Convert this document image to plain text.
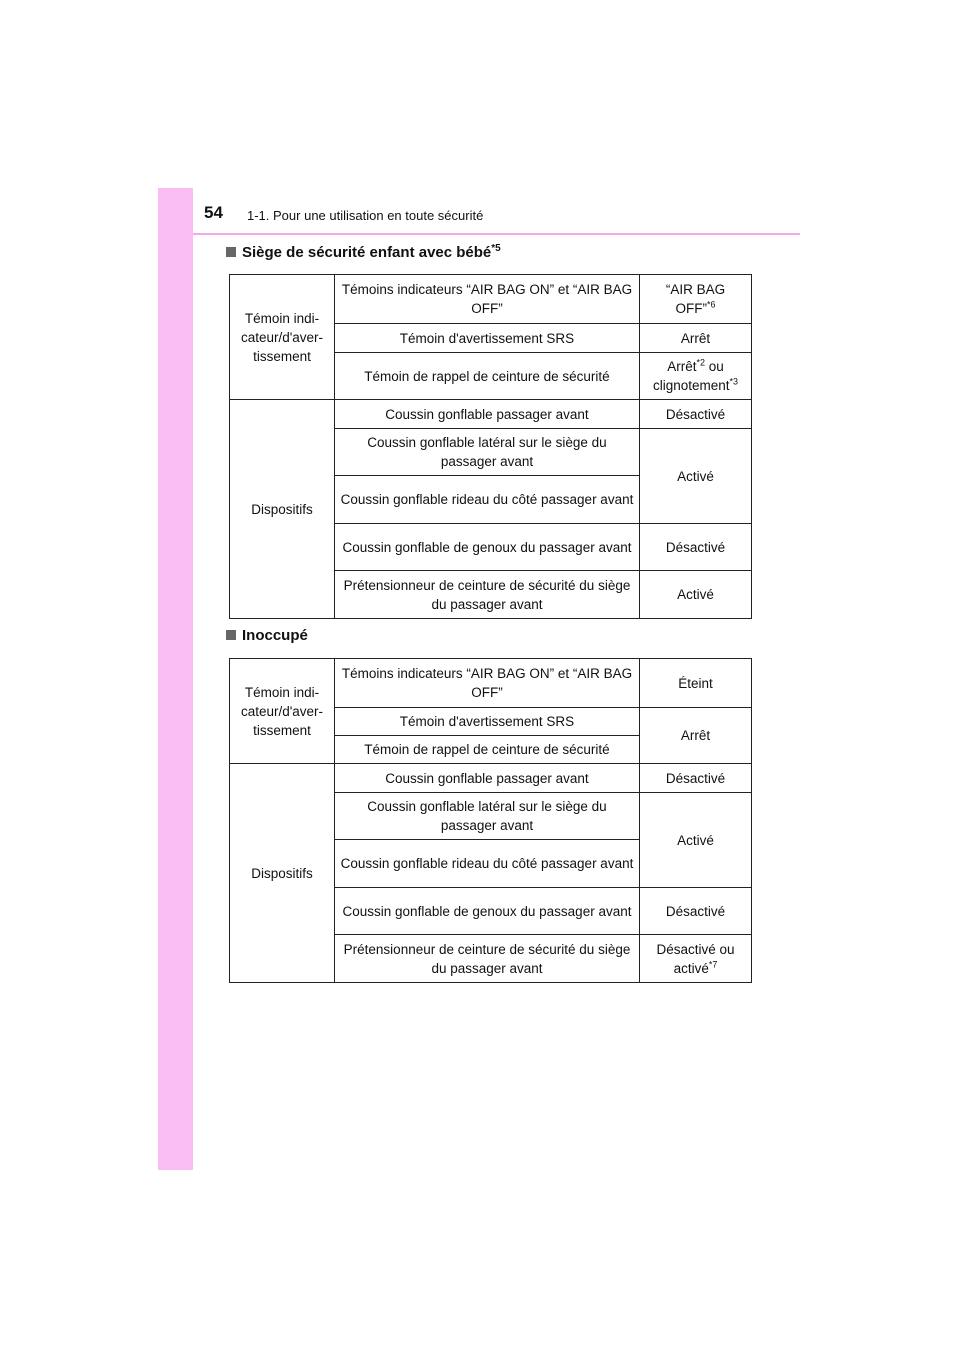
54 1-1. Pour une utilisation en toute sécurité
Siège de sécurité enfant avec bébé$^{*5}$
Témoin indi-cateur/d'aver-tissement	Témoins indicateurs “AIR BAG ON” et “AIR BAG OFF”	“AIR BAG OFF”$^{*6}$
	Témoin d'avertissement SRS	Arrêt
	Témoin de rappel de ceinture de sécurité	Arrêt$^{*2}$ ou clignotement$^{*3}$
Dispositifs	Coussin gonflable passager avant	Désactivé
	Coussin gonflable latéral sur le siège du passager avant	Activé
	Coussin gonflable rideau du côté passager avant	
	Coussin gonflable de genoux du passager avant	Désactivé
	Prétensionneur de ceinture de sécurité du siège du passager avant	Activé
Inoccupé
Témoin indi-cateur/d'aver-tissement	Témoins indicateurs “AIR BAG ON” et “AIR BAG OFF”	Éteint
	Témoin d'avertissement SRS	Arrêt
	Témoin de rappel de ceinture de sécurité	
Dispositifs	Coussin gonflable passager avant	Désactivé
	Coussin gonflable latéral sur le siège du passager avant	Activé
	Coussin gonflable rideau du côté passager avant	
	Coussin gonflable de genoux du passager avant	Désactivé
	Prétensionneur de ceinture de sécurité du siège du passager avant	Désactivé ou activé$^{*7}$
